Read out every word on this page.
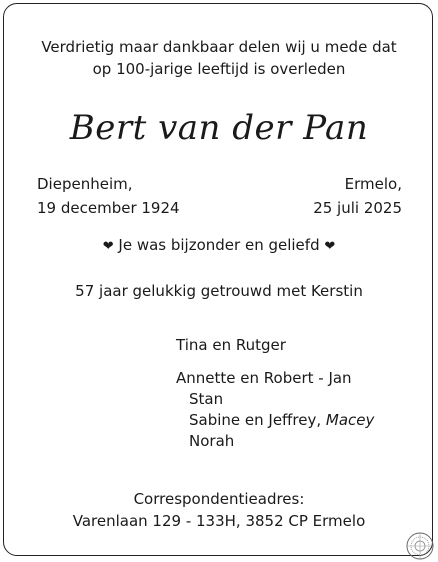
Verdrietig maar dankbaar delen wij u mede dat
op 100-jarige leeftijd is overleden
Bert van der Pan
Diepenheim,
19 december 1924
Ermelo,
25 juli 2025
❤ Je was bijzonder en geliefd ❤
57 jaar gelukkig getrouwd met Kerstin
Tina en Rutger
Annette en Robert - Jan
Stan
Sabine en Jeffrey, Macey
Norah
Correspondentieadres:
Varenlaan 129 - 133H, 3852 CP Ermelo
